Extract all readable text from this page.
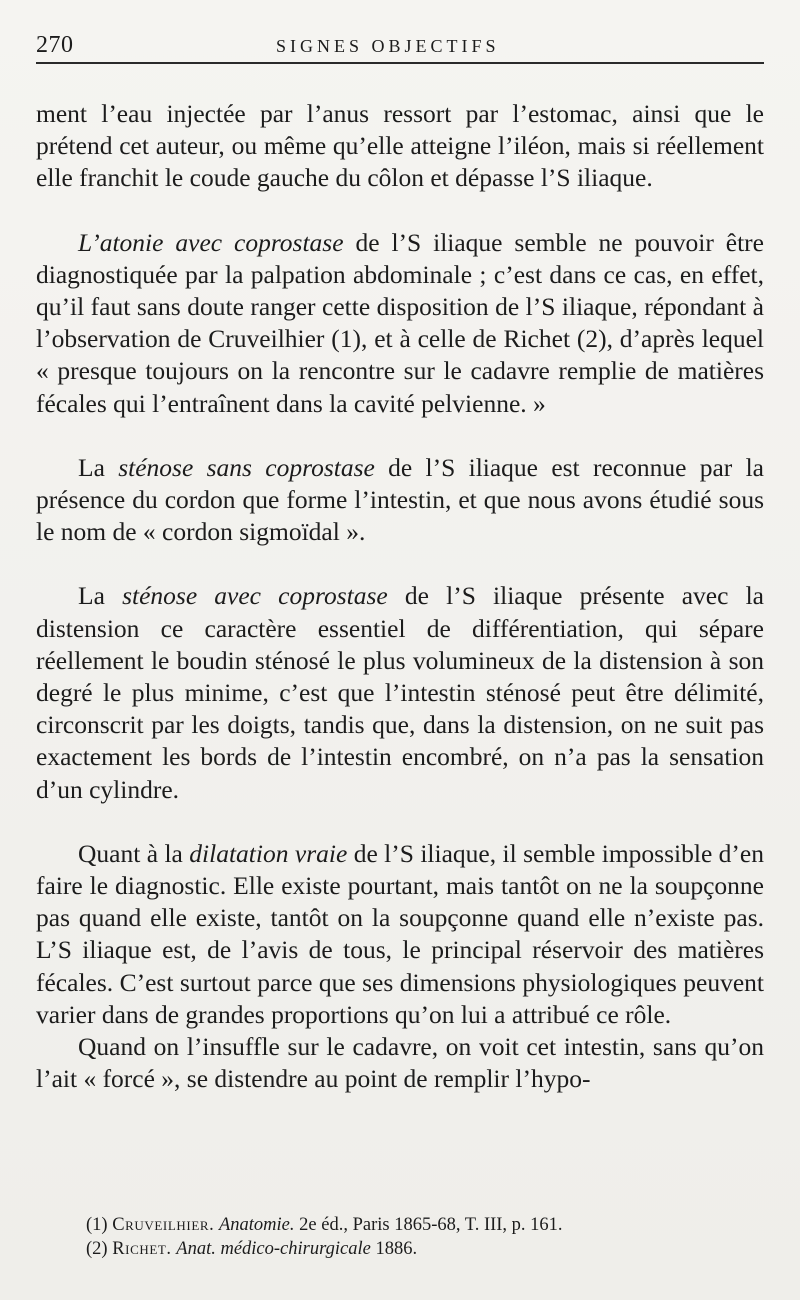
270	SIGNES OBJECTIFS

ment l’eau injectée par l’anus ressort par l’estomac, ainsi que le prétend cet auteur, ou même qu’elle atteigne l’iléon, mais si réellement elle franchit le coude gauche du côlon et dépasse l’S iliaque.

L’atonie avec coprostase de l’S iliaque semble ne pouvoir être diagnostiquée par la palpation abdominale ; c’est dans ce cas, en effet, qu’il faut sans doute ranger cette disposition de l’S iliaque, répondant à l’observation de Cruveilhier (1), et à celle de Richet (2), d’après lequel « presque toujours on la rencontre sur le cadavre remplie de matières fécales qui l’entraînent dans la cavité pelvienne. »

La sténose sans coprostase de l’S iliaque est reconnue par la présence du cordon que forme l’intestin, et que nous avons étudié sous le nom de « cordon sigmoïdal ».

La sténose avec coprostase de l’S iliaque présente avec la distension ce caractère essentiel de différentiation, qui sépare réellement le boudin sténosé le plus volumineux de la distension à son degré le plus minime, c’est que l’intestin sténosé peut être délimité, circonscrit par les doigts, tandis que, dans la distension, on ne suit pas exactement les bords de l’intestin encombré, on n’a pas la sensation d’un cylindre.

Quant à la dilatation vraie de l’S iliaque, il semble impossible d’en faire le diagnostic. Elle existe pourtant, mais tantôt on ne la soupçonne pas quand elle existe, tantôt on la soupçonne quand elle n’existe pas. L’S iliaque est, de l’avis de tous, le principal réservoir des matières fécales. C’est surtout parce que ses dimensions physiologiques peuvent varier dans de grandes proportions qu’on lui a attribué ce rôle.

Quand on l’insuffle sur le cadavre, on voit cet intestin, sans qu’on l’ait « forcé », se distendre au point de remplir l’hypo-

(1) Cruveilhier. Anatomie. 2e éd., Paris 1865-68, T. III, p. 161.

(2) Richet. Anat. médico-chirurgicale 1886.
